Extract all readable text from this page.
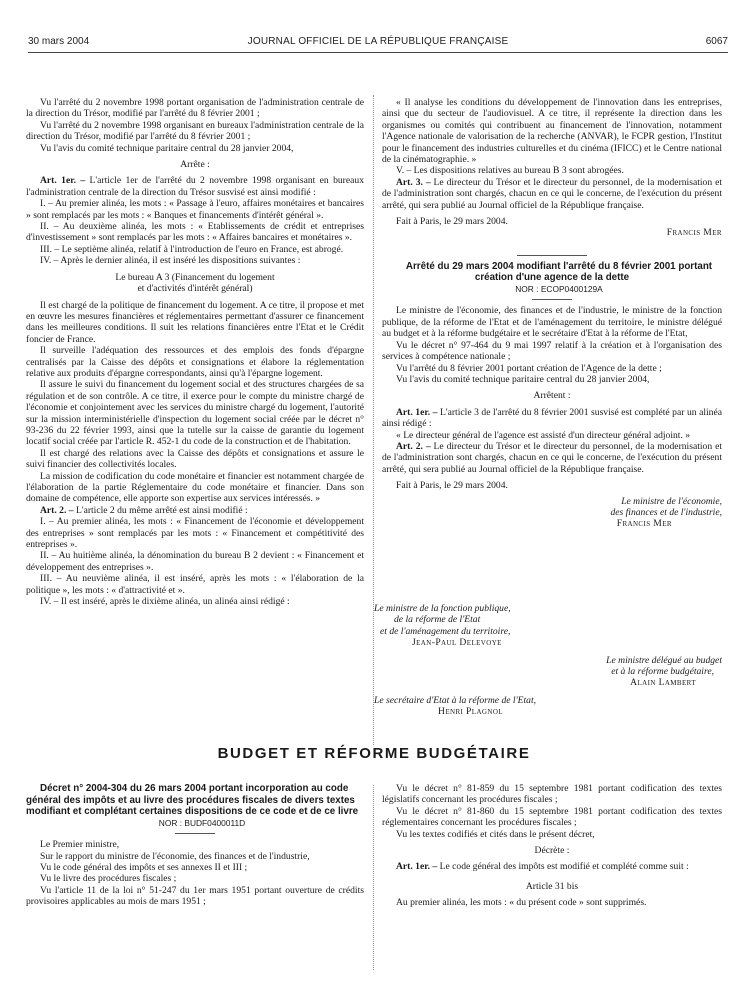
30 mars 2004	JOURNAL OFFICIEL DE LA RÉPUBLIQUE FRANÇAISE	6067

Vu l'arrêté du 2 novembre 1998 portant organisation de l'administration centrale de la direction du Trésor, modifié par l'arrêté du 8 février 2001 ;

Vu l'arrêté du 2 novembre 1998 organisant en bureaux l'administration centrale de la direction du Trésor, modifié par l'arrêté du 8 février 2001 ;

Vu l'avis du comité technique paritaire central du 28 janvier 2004,

Arrête :

Art. 1er. – L'article 1er de l'arrêté du 2 novembre 1998 organisant en bureaux l'administration centrale de la direction du Trésor susvisé est ainsi modifié :

I. – Au premier alinéa, les mots : « Passage à l'euro, affaires monétaires et bancaires » sont remplacés par les mots : « Banques et financements d'intérêt général ».

II. – Au deuxième alinéa, les mots : « Etablissements de crédit et entreprises d'investissement » sont remplacés par les mots : « Affaires bancaires et monétaires ».

III. – Le septième alinéa, relatif à l'introduction de l'euro en France, est abrogé.

IV. – Après le dernier alinéa, il est inséré les dispositions suivantes :

Le bureau A 3 (Financement du logement

et d'activités d'intérêt général)

Il est chargé de la politique de financement du logement. A ce titre, il propose et met en œuvre les mesures financières et réglementaires permettant d'assurer ce financement dans les meilleures conditions. Il suit les relations financières entre l'Etat et le Crédit foncier de France.

Il surveille l'adéquation des ressources et des emplois des fonds d'épargne centralisés par la Caisse des dépôts et consignations et élabore la réglementation relative aux produits d'épargne correspondants, ainsi qu'à l'épargne logement.

Il assure le suivi du financement du logement social et des structures chargées de sa régulation et de son contrôle. A ce titre, il exerce pour le compte du ministre chargé de l'économie et conjointement avec les services du ministre chargé du logement, l'autorité sur la mission interministérielle d'inspection du logement social créée par le décret n° 93-236 du 22 février 1993, ainsi que la tutelle sur la caisse de garantie du logement locatif social créée par l'article R. 452-1 du code de la construction et de l'habitation.

Il est chargé des relations avec la Caisse des dépôts et consignations et assure le suivi financier des collectivités locales.

La mission de codification du code monétaire et financier est notamment chargée de l'élaboration de la partie Réglementaire du code monétaire et financier. Dans son domaine de compétence, elle apporte son expertise aux services intéressés. »

Art. 2. – L'article 2 du même arrêté est ainsi modifié :

I. – Au premier alinéa, les mots : « Financement de l'économie et développement des entreprises » sont remplacés par les mots : « Financement et compétitivité des entreprises ».

II. – Au huitième alinéa, la dénomination du bureau B 2 devient : « Financement et développement des entreprises ».

III. – Au neuvième alinéa, il est inséré, après les mots : « l'élaboration de la politique », les mots : « d'attractivité et ».

IV. – Il est inséré, après le dixième alinéa, un alinéa ainsi rédigé :

« Il analyse les conditions du développement de l'innovation dans les entreprises, ainsi que du secteur de l'audiovisuel. A ce titre, il représente la direction dans les organismes ou comités qui contribuent au financement de l'innovation, notamment l'Agence nationale de valorisation de la recherche (ANVAR), le FCPR gestion, l'Institut pour le financement des industries culturelles et du cinéma (IFICC) et le Centre national de la cinématographie. »

V. – Les dispositions relatives au bureau B 3 sont abrogées.

Art. 3. – Le directeur du Trésor et le directeur du personnel, de la modernisation et de l'administration sont chargés, chacun en ce qui le concerne, de l'exécution du présent arrêté, qui sera publié au Journal officiel de la République française.

Fait à Paris, le 29 mars 2004.

Francis Mer

Arrêté du 29 mars 2004 modifiant l'arrêté du 8 février 2001 portant création d'une agence de la dette

NOR : ECOP0400129A

Le ministre de l'économie, des finances et de l'industrie, le ministre de la fonction publique, de la réforme de l'Etat et de l'aménagement du territoire, le ministre délégué au budget et à la réforme budgétaire et le secrétaire d'Etat à la réforme de l'Etat,

Vu le décret n° 97-464 du 9 mai 1997 relatif à la création et à l'organisation des services à compétence nationale ;

Vu l'arrêté du 8 février 2001 portant création de l'Agence de la dette ;

Vu l'avis du comité technique paritaire central du 28 janvier 2004,

Arrêtent :

Art. 1er. – L'article 3 de l'arrêté du 8 février 2001 susvisé est complété par un alinéa ainsi rédigé :

« Le directeur général de l'agence est assisté d'un directeur général adjoint. »

Art. 2. – Le directeur du Trésor et le directeur du personnel, de la modernisation et de l'administration sont chargés, chacun en ce qui le concerne, de l'exécution du présent arrêté, qui sera publié au Journal officiel de la République française.

Fait à Paris, le 29 mars 2004.

Le ministre de l'économie,

des finances et de l'industrie,

Francis Mer

Le ministre de la fonction publique,

de la réforme de l'Etat

et de l'aménagement du territoire,

Jean-Paul Delevoye

Le ministre délégué au budget

et à la réforme budgétaire,

Alain Lambert

Le secrétaire d'Etat à la réforme de l'Etat,

Henri Plagnol

BUDGET ET RÉFORME BUDGÉTAIRE

Décret n° 2004-304 du 26 mars 2004 portant incorporation au code général des impôts et au livre des procédures fiscales de divers textes modifiant et complétant certaines dispositions de ce code et de ce livre

NOR : BUDF0400011D

Le Premier ministre,

Sur le rapport du ministre de l'économie, des finances et de l'industrie,

Vu le code général des impôts et ses annexes II et III ;

Vu le livre des procédures fiscales ;

Vu l'article 11 de la loi n° 51-247 du 1er mars 1951 portant ouverture de crédits provisoires applicables au mois de mars 1951 ;

Vu le décret n° 81-859 du 15 septembre 1981 portant codification des textes législatifs concernant les procédures fiscales ;

Vu le décret n° 81-860 du 15 septembre 1981 portant codification des textes réglementaires concernant les procédures fiscales ;

Vu les textes codifiés et cités dans le présent décret,

Décrète :

Art. 1er. – Le code général des impôts est modifié et complété comme suit :

Article 31 bis

Au premier alinéa, les mots : « du présent code » sont supprimés.
